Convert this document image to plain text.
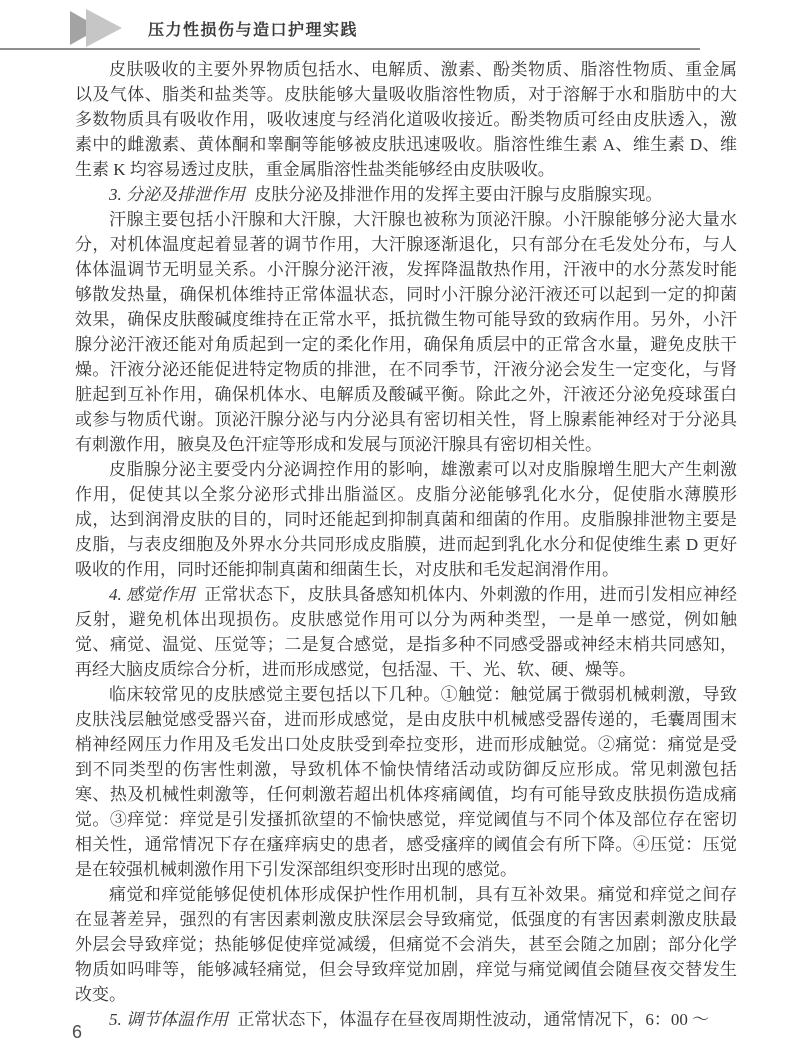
压力性损伤与造口护理实践

皮肤吸收的主要外界物质包括水、电解质、激素、酚类物质、脂溶性物质、重金属以及气体、脂类和盐类等。皮肤能够大量吸收脂溶性物质，对于溶解于水和脂肪中的大多数物质具有吸收作用，吸收速度与经消化道吸收接近。酚类物质可经由皮肤透入，激素中的雌激素、黄体酮和睾酮等能够被皮肤迅速吸收。脂溶性维生素 A、维生素 D、维生素 K 均容易透过皮肤，重金属脂溶性盐类能够经由皮肤吸收。

3. 分泌及排泄作用 皮肤分泌及排泄作用的发挥主要由汗腺与皮脂腺实现。

汗腺主要包括小汗腺和大汗腺，大汗腺也被称为顶泌汗腺。小汗腺能够分泌大量水分，对机体温度起着显著的调节作用，大汗腺逐渐退化，只有部分在毛发处分布，与人体体温调节无明显关系。小汗腺分泌汗液，发挥降温散热作用，汗液中的水分蒸发时能够散发热量，确保机体维持正常体温状态，同时小汗腺分泌汗液还可以起到一定的抑菌效果，确保皮肤酸碱度维持在正常水平，抵抗微生物可能导致的致病作用。另外，小汗腺分泌汗液还能对角质起到一定的柔化作用，确保角质层中的正常含水量，避免皮肤干燥。汗液分泌还能促进特定物质的排泄，在不同季节，汗液分泌会发生一定变化，与肾脏起到互补作用，确保机体水、电解质及酸碱平衡。除此之外，汗液还分泌免疫球蛋白或参与物质代谢。顶泌汗腺分泌与内分泌具有密切相关性，肾上腺素能神经对于分泌具有刺激作用，腋臭及色汗症等形成和发展与顶泌汗腺具有密切相关性。

皮脂腺分泌主要受内分泌调控作用的影响，雄激素可以对皮脂腺增生肥大产生刺激作用，促使其以全浆分泌形式排出脂溢区。皮脂分泌能够乳化水分，促使脂水薄膜形成，达到润滑皮肤的目的，同时还能起到抑制真菌和细菌的作用。皮脂腺排泄物主要是皮脂，与表皮细胞及外界水分共同形成皮脂膜，进而起到乳化水分和促使维生素 D 更好吸收的作用，同时还能抑制真菌和细菌生长，对皮肤和毛发起润滑作用。

4. 感觉作用 正常状态下，皮肤具备感知机体内、外刺激的作用，进而引发相应神经反射，避免机体出现损伤。皮肤感觉作用可以分为两种类型，一是单一感觉，例如触觉、痛觉、温觉、压觉等；二是复合感觉，是指多种不同感受器或神经末梢共同感知，再经大脑皮质综合分析，进而形成感觉，包括湿、干、光、软、硬、燥等。

临床较常见的皮肤感觉主要包括以下几种。①触觉：触觉属于微弱机械刺激，导致皮肤浅层触觉感受器兴奋，进而形成感觉，是由皮肤中机械感受器传递的，毛囊周围末梢神经网压力作用及毛发出口处皮肤受到牵拉变形，进而形成触觉。②痛觉：痛觉是受到不同类型的伤害性刺激，导致机体不愉快情绪活动或防御反应形成。常见刺激包括寒、热及机械性刺激等，任何刺激若超出机体疼痛阈值，均有可能导致皮肤损伤造成痛觉。③痒觉：痒觉是引发搔抓欲望的不愉快感觉，痒觉阈值与不同个体及部位存在密切相关性，通常情况下存在瘙痒病史的患者，感受瘙痒的阈值会有所下降。④压觉：压觉是在较强机械刺激作用下引发深部组织变形时出现的感觉。

痛觉和痒觉能够促使机体形成保护性作用机制，具有互补效果。痛觉和痒觉之间存在显著差异，强烈的有害因素刺激皮肤深层会导致痛觉，低强度的有害因素刺激皮肤最外层会导致痒觉；热能够促使痒觉减缓，但痛觉不会消失，甚至会随之加剧；部分化学物质如吗啡等，能够减轻痛觉，但会导致痒觉加剧，痒觉与痛觉阈值会随昼夜交替发生改变。

5. 调节体温作用 正常状态下，体温存在昼夜周期性波动，通常情况下，6：00 ～

6
